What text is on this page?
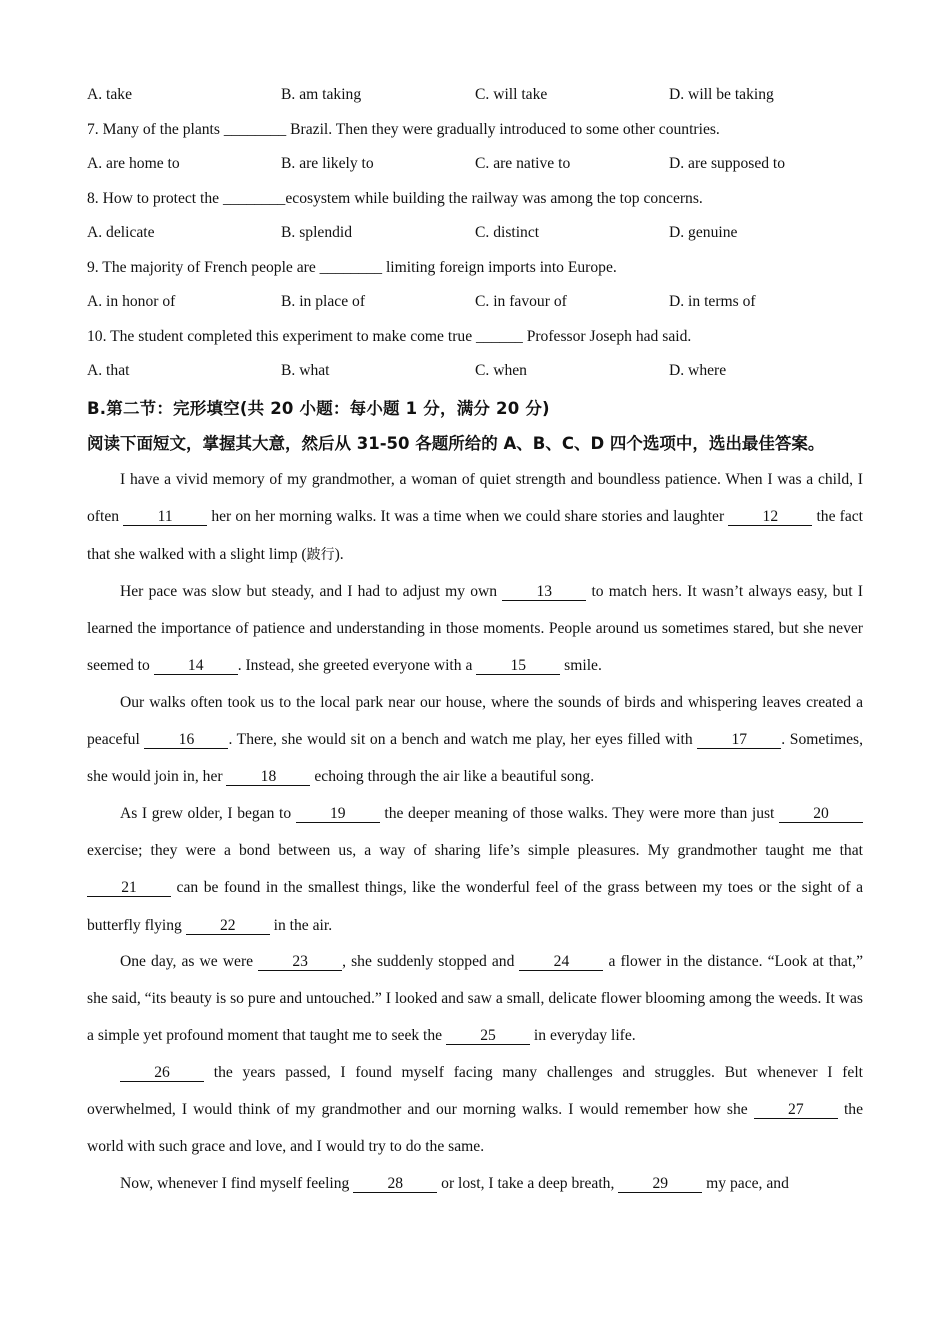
A. take	B. am taking	C. will take	D. will be taking
7. Many of the plants ________ Brazil. Then they were gradually introduced to some other countries.
A. are home to	B. are likely to	C. are native to	D. are supposed to
8. How to protect the ________ecosystem while building the railway was among the top concerns.
A. delicate	B. splendid	C. distinct	D. genuine
9. The majority of French people are ________ limiting foreign imports into Europe.
A. in honor of	B. in place of	C. in favour of	D. in terms of
10. The student completed this experiment to make come true ______ Professor Joseph had said.
A. that	B. what	C. when	D. where
B.第二节：完形填空(共 20 小题：每小题 1 分，满分 20 分)
阅读下面短文，掌握其大意，然后从 31-50 各题所给的 A、B、C、D 四个选项中，选出最佳答案。
I have a vivid memory of my grandmother, a woman of quiet strength and boundless patience. When I was a child, I often 11 her on her morning walks. It was a time when we could share stories and laughter 12 the fact that she walked with a slight limp (跛行).
Her pace was slow but steady, and I had to adjust my own 13 to match hers. It wasn’t always easy, but I learned the importance of patience and understanding in those moments. People around us sometimes stared, but she never seemed to 14 . Instead, she greeted everyone with a 15 smile.
Our walks often took us to the local park near our house, where the sounds of birds and whispering leaves created a peaceful 16 . There, she would sit on a bench and watch me play, her eyes filled with 17 . Sometimes, she would join in, her 18 echoing through the air like a beautiful song.
As I grew older, I began to 19 the deeper meaning of those walks. They were more than just 20 exercise; they were a bond between us, a way of sharing life’s simple pleasures. My grandmother taught me that 21 can be found in the smallest things, like the wonderful feel of the grass between my toes or the sight of a butterfly flying 22 in the air.
One day, as we were 23 , she suddenly stopped and 24 a flower in the distance. “Look at that,” she said, “its beauty is so pure and untouched.” I looked and saw a small, delicate flower blooming among the weeds. It was a simple yet profound moment that taught me to seek the 25 in everyday life.
26 the years passed, I found myself facing many challenges and struggles. But whenever I felt overwhelmed, I would think of my grandmother and our morning walks. I would remember how she 27 the world with such grace and love, and I would try to do the same.
Now, whenever I find myself feeling 28 or lost, I take a deep breath, 29 my pace, and
